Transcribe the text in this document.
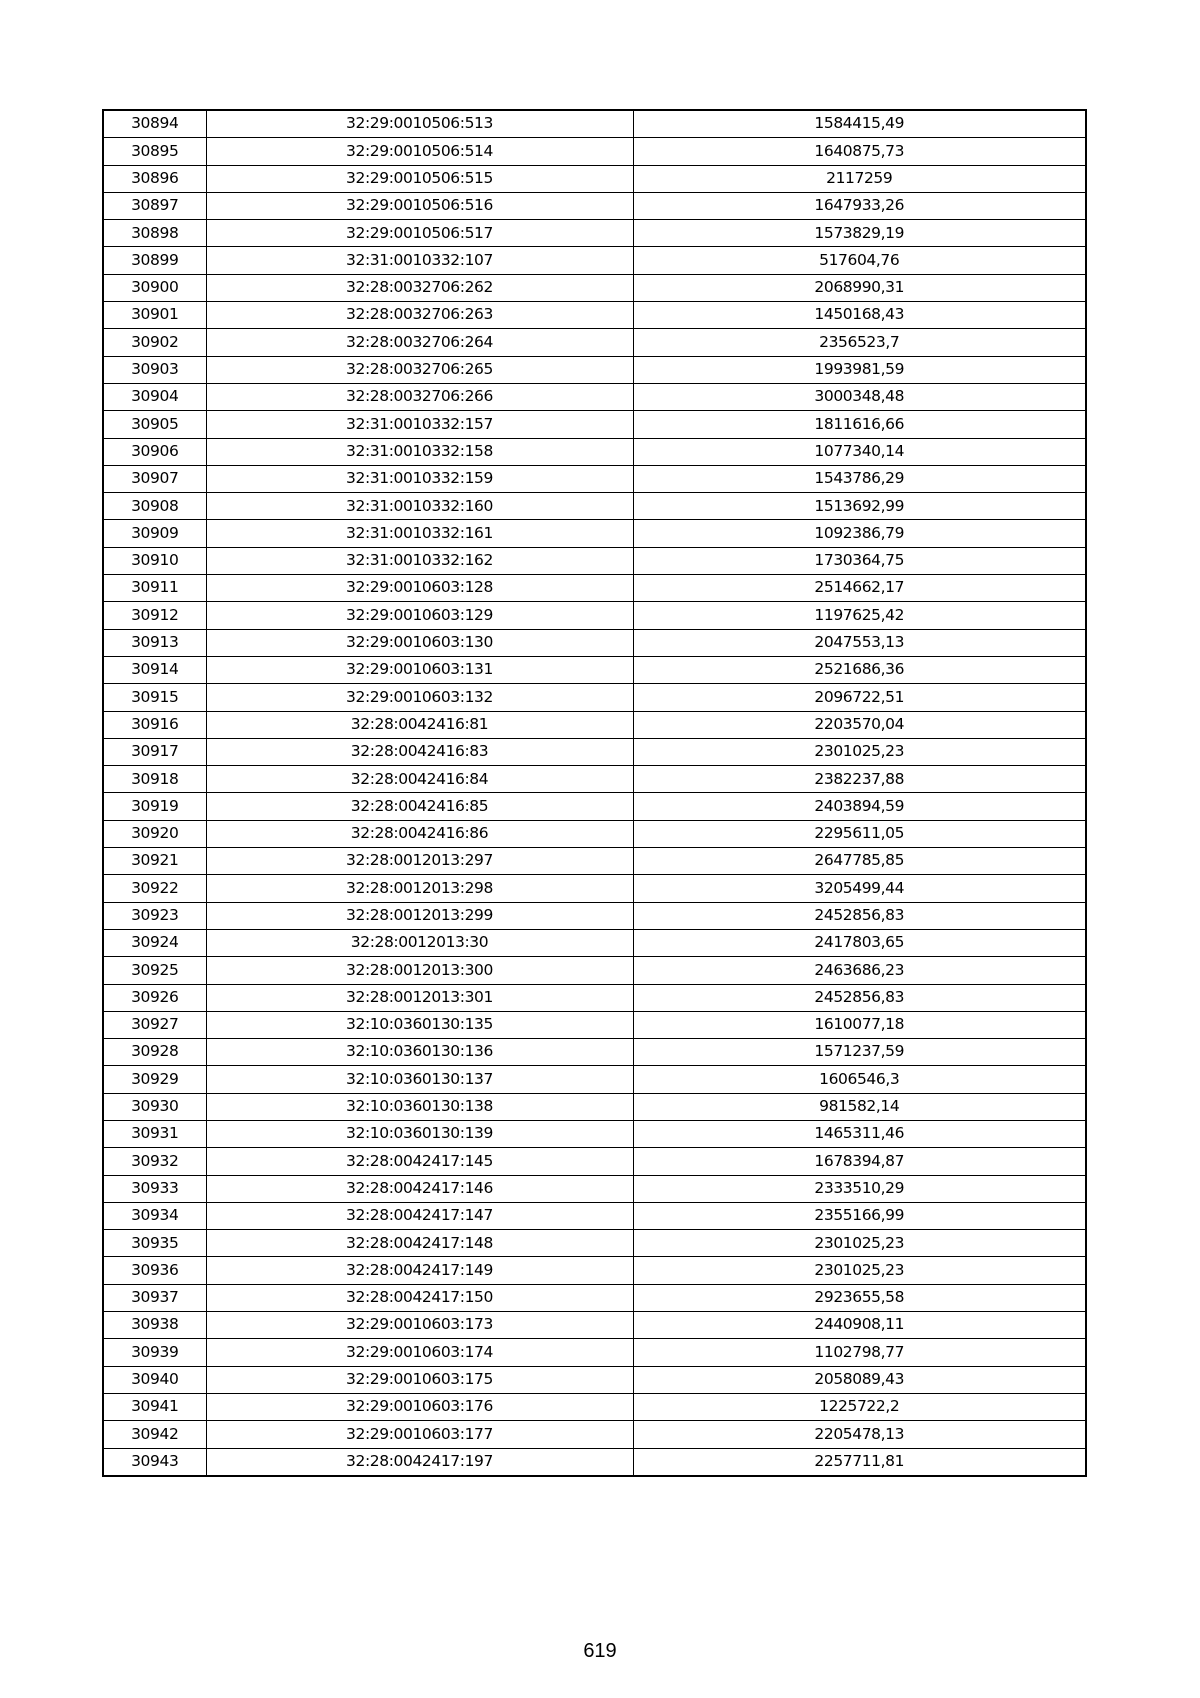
30894	32:29:0010506:513	1584415,49
30895	32:29:0010506:514	1640875,73
30896	32:29:0010506:515	2117259
30897	32:29:0010506:516	1647933,26
30898	32:29:0010506:517	1573829,19
30899	32:31:0010332:107	517604,76
30900	32:28:0032706:262	2068990,31
30901	32:28:0032706:263	1450168,43
30902	32:28:0032706:264	2356523,7
30903	32:28:0032706:265	1993981,59
30904	32:28:0032706:266	3000348,48
30905	32:31:0010332:157	1811616,66
30906	32:31:0010332:158	1077340,14
30907	32:31:0010332:159	1543786,29
30908	32:31:0010332:160	1513692,99
30909	32:31:0010332:161	1092386,79
30910	32:31:0010332:162	1730364,75
30911	32:29:0010603:128	2514662,17
30912	32:29:0010603:129	1197625,42
30913	32:29:0010603:130	2047553,13
30914	32:29:0010603:131	2521686,36
30915	32:29:0010603:132	2096722,51
30916	32:28:0042416:81	2203570,04
30917	32:28:0042416:83	2301025,23
30918	32:28:0042416:84	2382237,88
30919	32:28:0042416:85	2403894,59
30920	32:28:0042416:86	2295611,05
30921	32:28:0012013:297	2647785,85
30922	32:28:0012013:298	3205499,44
30923	32:28:0012013:299	2452856,83
30924	32:28:0012013:30	2417803,65
30925	32:28:0012013:300	2463686,23
30926	32:28:0012013:301	2452856,83
30927	32:10:0360130:135	1610077,18
30928	32:10:0360130:136	1571237,59
30929	32:10:0360130:137	1606546,3
30930	32:10:0360130:138	981582,14
30931	32:10:0360130:139	1465311,46
30932	32:28:0042417:145	1678394,87
30933	32:28:0042417:146	2333510,29
30934	32:28:0042417:147	2355166,99
30935	32:28:0042417:148	2301025,23
30936	32:28:0042417:149	2301025,23
30937	32:28:0042417:150	2923655,58
30938	32:29:0010603:173	2440908,11
30939	32:29:0010603:174	1102798,77
30940	32:29:0010603:175	2058089,43
30941	32:29:0010603:176	1225722,2
30942	32:29:0010603:177	2205478,13
30943	32:28:0042417:197	2257711,81
619
